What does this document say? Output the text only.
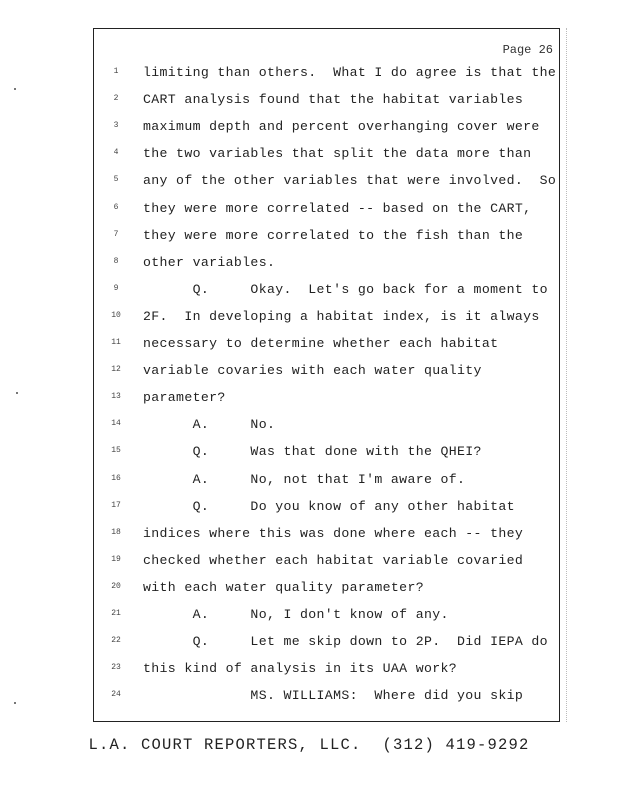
Page 26
1	limiting than others.  What I do agree is that the
2	CART analysis found that the habitat variables
3	maximum depth and percent overhanging cover were
4	the two variables that split the data more than
5	any of the other variables that were involved.  So
6	they were more correlated -- based on the CART,
7	they were more correlated to the fish than the
8	other variables.
9	Q.     Okay.  Let's go back for a moment to
10	2F.  In developing a habitat index, is it always
11	necessary to determine whether each habitat
12	variable covaries with each water quality
13	parameter?
14	A.     No.
15	Q.     Was that done with the QHEI?
16	A.     No, not that I'm aware of.
17	Q.     Do you know of any other habitat
18	indices where this was done where each -- they
19	checked whether each habitat variable covaried
20	with each water quality parameter?
21	A.     No, I don't know of any.
22	Q.     Let me skip down to 2P.  Did IEPA do
23	this kind of analysis in its UAA work?
24	MS. WILLIAMS:  Where did you skip
L.A. COURT REPORTERS, LLC. (312) 419-9292
